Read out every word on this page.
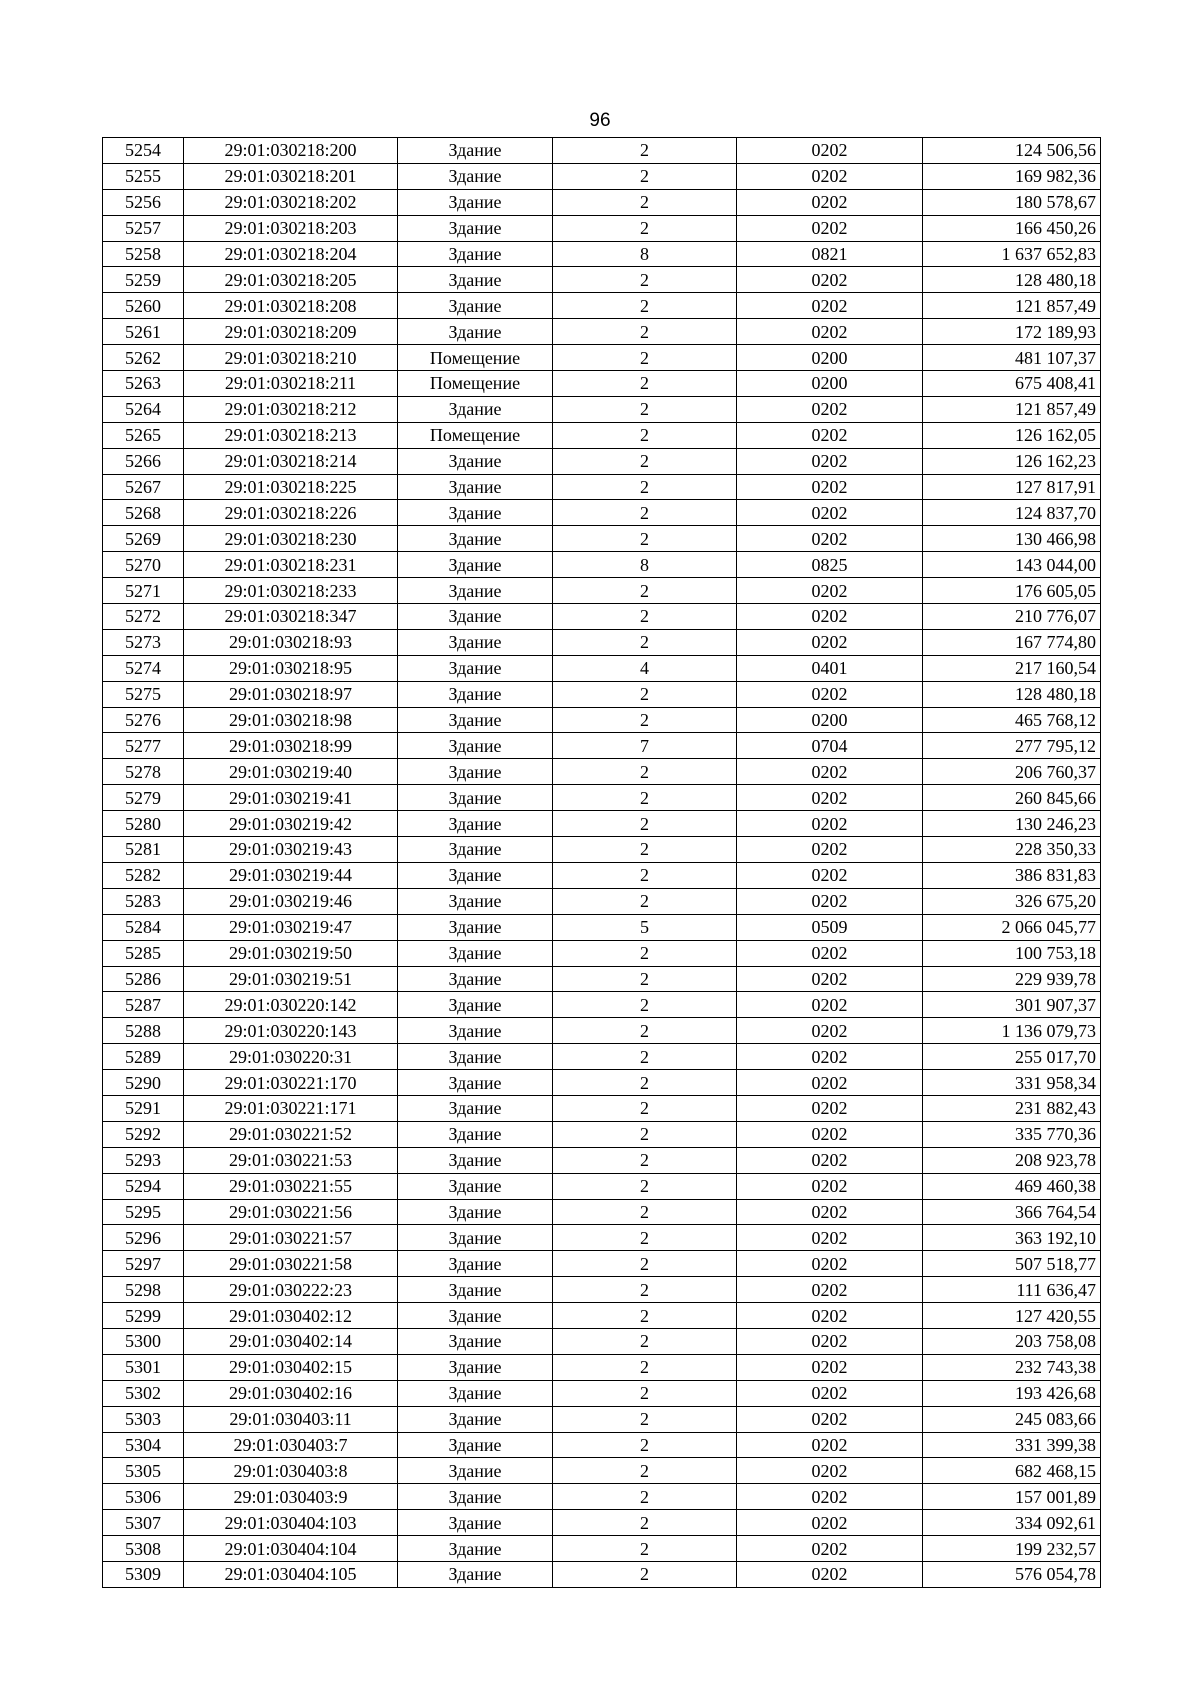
96
5254	29:01:030218:200	Здание	2	0202	124 506,56
5255	29:01:030218:201	Здание	2	0202	169 982,36
5256	29:01:030218:202	Здание	2	0202	180 578,67
5257	29:01:030218:203	Здание	2	0202	166 450,26
5258	29:01:030218:204	Здание	8	0821	1 637 652,83
5259	29:01:030218:205	Здание	2	0202	128 480,18
5260	29:01:030218:208	Здание	2	0202	121 857,49
5261	29:01:030218:209	Здание	2	0202	172 189,93
5262	29:01:030218:210	Помещение	2	0200	481 107,37
5263	29:01:030218:211	Помещение	2	0200	675 408,41
5264	29:01:030218:212	Здание	2	0202	121 857,49
5265	29:01:030218:213	Помещение	2	0202	126 162,05
5266	29:01:030218:214	Здание	2	0202	126 162,23
5267	29:01:030218:225	Здание	2	0202	127 817,91
5268	29:01:030218:226	Здание	2	0202	124 837,70
5269	29:01:030218:230	Здание	2	0202	130 466,98
5270	29:01:030218:231	Здание	8	0825	143 044,00
5271	29:01:030218:233	Здание	2	0202	176 605,05
5272	29:01:030218:347	Здание	2	0202	210 776,07
5273	29:01:030218:93	Здание	2	0202	167 774,80
5274	29:01:030218:95	Здание	4	0401	217 160,54
5275	29:01:030218:97	Здание	2	0202	128 480,18
5276	29:01:030218:98	Здание	2	0200	465 768,12
5277	29:01:030218:99	Здание	7	0704	277 795,12
5278	29:01:030219:40	Здание	2	0202	206 760,37
5279	29:01:030219:41	Здание	2	0202	260 845,66
5280	29:01:030219:42	Здание	2	0202	130 246,23
5281	29:01:030219:43	Здание	2	0202	228 350,33
5282	29:01:030219:44	Здание	2	0202	386 831,83
5283	29:01:030219:46	Здание	2	0202	326 675,20
5284	29:01:030219:47	Здание	5	0509	2 066 045,77
5285	29:01:030219:50	Здание	2	0202	100 753,18
5286	29:01:030219:51	Здание	2	0202	229 939,78
5287	29:01:030220:142	Здание	2	0202	301 907,37
5288	29:01:030220:143	Здание	2	0202	1 136 079,73
5289	29:01:030220:31	Здание	2	0202	255 017,70
5290	29:01:030221:170	Здание	2	0202	331 958,34
5291	29:01:030221:171	Здание	2	0202	231 882,43
5292	29:01:030221:52	Здание	2	0202	335 770,36
5293	29:01:030221:53	Здание	2	0202	208 923,78
5294	29:01:030221:55	Здание	2	0202	469 460,38
5295	29:01:030221:56	Здание	2	0202	366 764,54
5296	29:01:030221:57	Здание	2	0202	363 192,10
5297	29:01:030221:58	Здание	2	0202	507 518,77
5298	29:01:030222:23	Здание	2	0202	111 636,47
5299	29:01:030402:12	Здание	2	0202	127 420,55
5300	29:01:030402:14	Здание	2	0202	203 758,08
5301	29:01:030402:15	Здание	2	0202	232 743,38
5302	29:01:030402:16	Здание	2	0202	193 426,68
5303	29:01:030403:11	Здание	2	0202	245 083,66
5304	29:01:030403:7	Здание	2	0202	331 399,38
5305	29:01:030403:8	Здание	2	0202	682 468,15
5306	29:01:030403:9	Здание	2	0202	157 001,89
5307	29:01:030404:103	Здание	2	0202	334 092,61
5308	29:01:030404:104	Здание	2	0202	199 232,57
5309	29:01:030404:105	Здание	2	0202	576 054,78
